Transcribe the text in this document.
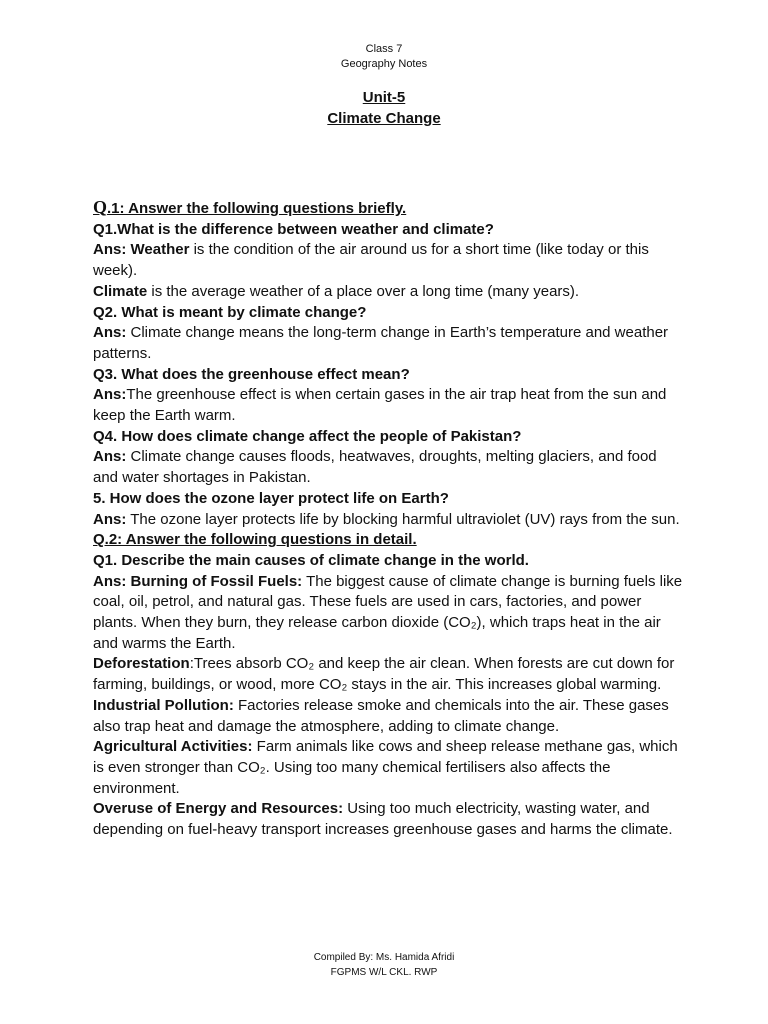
Class 7
Geography Notes
Unit-5
Climate Change

Q.1: Answer the following questions briefly.

Q1.What is the difference between weather and climate?

Ans: Weather is the condition of the air around us for a short time (like today or this week).

Climate is the average weather of a place over a long time (many years).

Q2. What is meant by climate change?

Ans: Climate change means the long-term change in Earth’s temperature and weather patterns.

Q3. What does the greenhouse effect mean?

Ans:The greenhouse effect is when certain gases in the air trap heat from the sun and keep the Earth warm.

Q4. How does climate change affect the people of Pakistan?

Ans: Climate change causes floods, heatwaves, droughts, melting glaciers, and food and water shortages in Pakistan.

5. How does the ozone layer protect life on Earth?

Ans: The ozone layer protects life by blocking harmful ultraviolet (UV) rays from the sun.

Q.2: Answer the following questions in detail.

Q1. Describe the main causes of climate change in the world.

Ans: Burning of Fossil Fuels: The biggest cause of climate change is burning fuels like coal, oil, petrol, and natural gas. These fuels are used in cars, factories, and power plants. When they burn, they release carbon dioxide (CO₂), which traps heat in the air and warms the Earth.

Deforestation:Trees absorb CO₂ and keep the air clean. When forests are cut down for farming, buildings, or wood, more CO₂ stays in the air. This increases global warming.

Industrial Pollution: Factories release smoke and chemicals into the air. These gases also trap heat and damage the atmosphere, adding to climate change.

Agricultural Activities: Farm animals like cows and sheep release methane gas, which is even stronger than CO₂. Using too many chemical fertilisers also affects the environment.

Overuse of Energy and Resources: Using too much electricity, wasting water, and depending on fuel-heavy transport increases greenhouse gases and harms the climate.

Compiled By: Ms. Hamida Afridi
FGPMS W/L CKL. RWP
